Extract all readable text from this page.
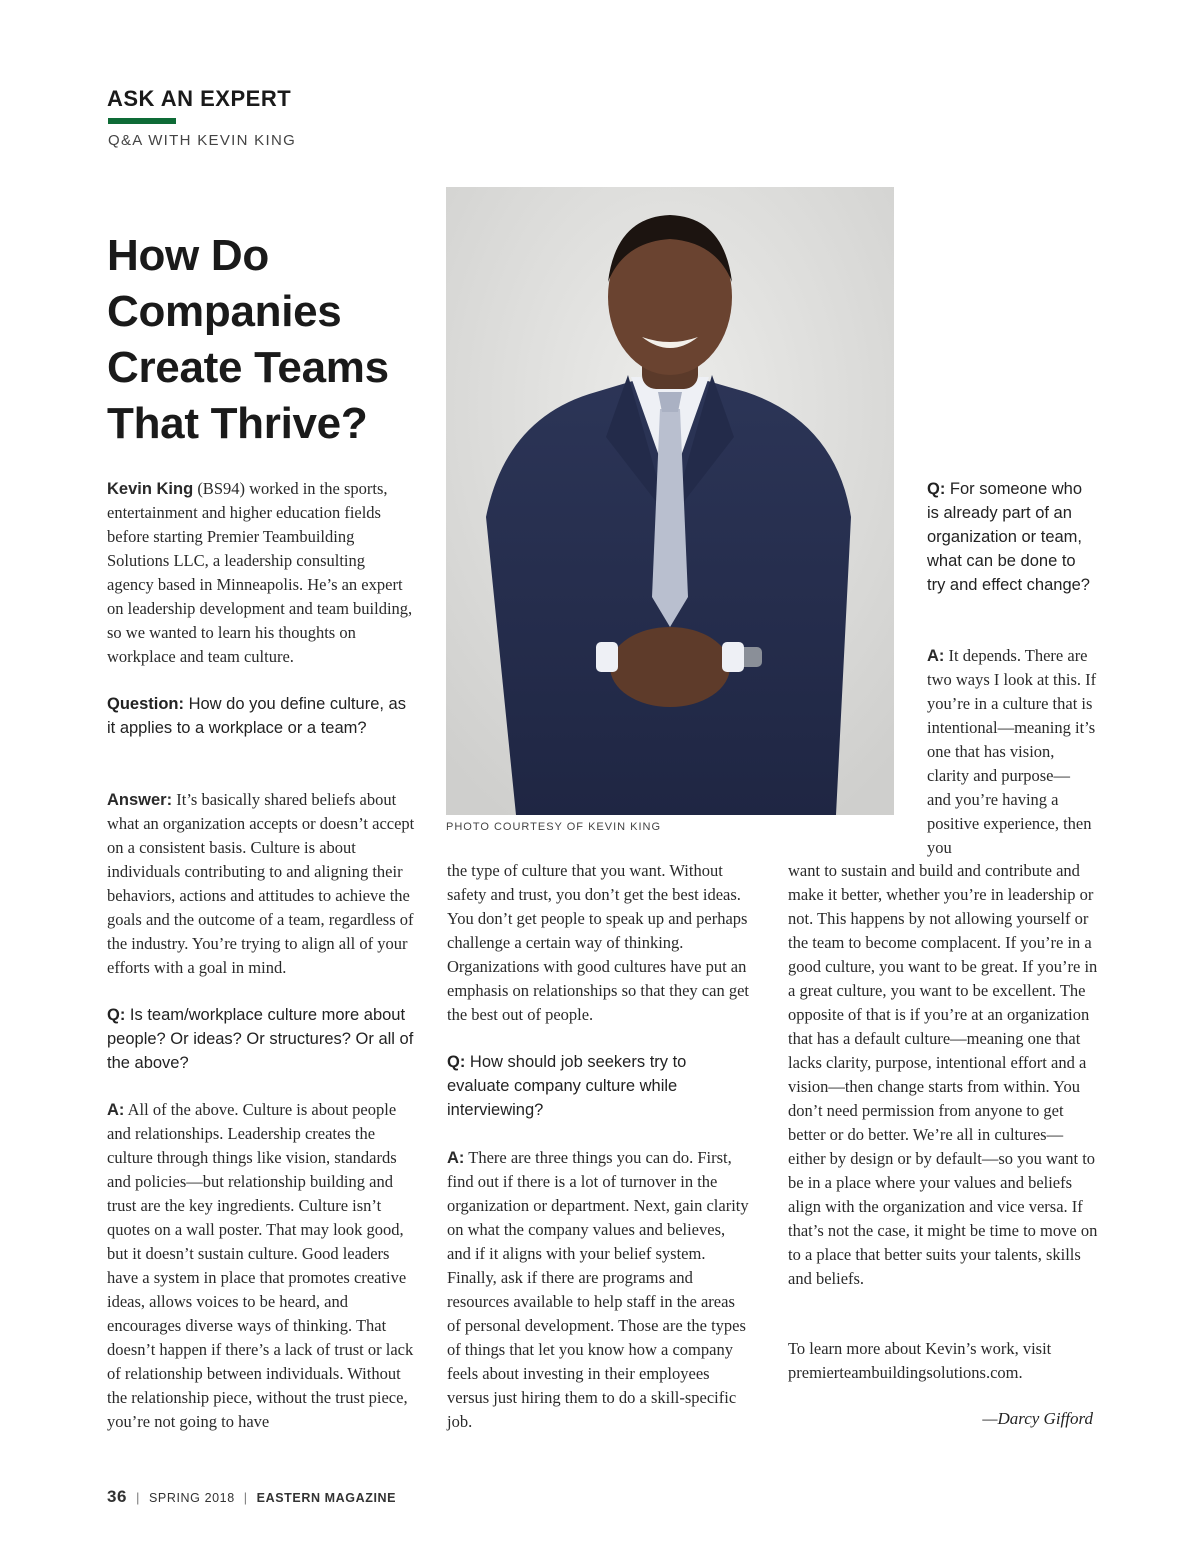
ASK AN EXPERT
Q&A WITH KEVIN KING
How Do
Companies
Create Teams
That Thrive?
PHOTO COURTESY OF KEVIN KING

Kevin King (BS94) worked in the sports, entertainment and higher education fields before starting Premier Teambuilding Solutions LLC, a leadership consulting agency based in Minneapolis. He’s an expert on leadership development and team building, so we wanted to learn his thoughts on workplace and team culture.

Question: How do you define culture, as it applies to a workplace or a team?

Answer: It’s basically shared beliefs about what an organization accepts or doesn’t accept on a consistent basis. Culture is about individuals contributing to and aligning their behaviors, actions and attitudes to achieve the goals and the outcome of a team, regardless of the industry. You’re trying to align all of your efforts with a goal in mind.

Q: Is team/workplace culture more about people? Or ideas? Or structures? Or all of the above?

A: All of the above. Culture is about people and relationships. Leadership creates the culture through things like vision, standards and policies—but relationship building and trust are the key ingredients. Culture isn’t quotes on a wall poster. That may look good, but it doesn’t sustain culture. Good leaders have a system in place that promotes creative ideas, allows voices to be heard, and encourages diverse ways of thinking. That doesn’t happen if there’s a lack of trust or lack of relationship between individuals. Without the relationship piece, without the trust piece, you’re not going to have

the type of culture that you want. Without safety and trust, you don’t get the best ideas. You don’t get people to speak up and perhaps challenge a certain way of thinking. Organizations with good cultures have put an emphasis on relationships so that they can get the best out of people.
Q: How should job seekers try to evaluate company culture while interviewing?

A: There are three things you can do. First, find out if there is a lot of turnover in the organization or department. Next, gain clarity on what the company values and believes, and if it aligns with your belief system. Finally, ask if there are programs and resources available to help staff in the areas of personal development. Those are the types of things that let you know how a company feels about investing in their employees versus just hiring them to do a skill-specific job.

Q: For someone who is already part of an organization or team, what can be done to try and effect change?

A: It depends. There are two ways I look at this. If you’re in a culture that is intentional—meaning it’s one that has vision, clarity and purpose— and you’re having a positive experience, then you

want to sustain and build and contribute and make it better, whether you’re in leadership or not. This happens by not allowing yourself or the team to become complacent. If you’re in a good culture, you want to be great. If you’re in a great culture, you want to be excellent. The opposite of that is if you’re at an organization that has a default culture—meaning one that lacks clarity, purpose, intentional effort and a vision—then change starts from within. You don’t need permission from anyone to get better or do better. We’re all in cultures—either by design or by default—so you want to be in a place where your values and beliefs align with the organization and vice versa. If that’s not the case, it might be time to move on to a place that better suits your talents, skills and beliefs.
To learn more about Kevin’s work, visit premierteambuildingsolutions.com.
—Darcy Gifford
36 | SPRING 2018 | EASTERN MAGAZINE
